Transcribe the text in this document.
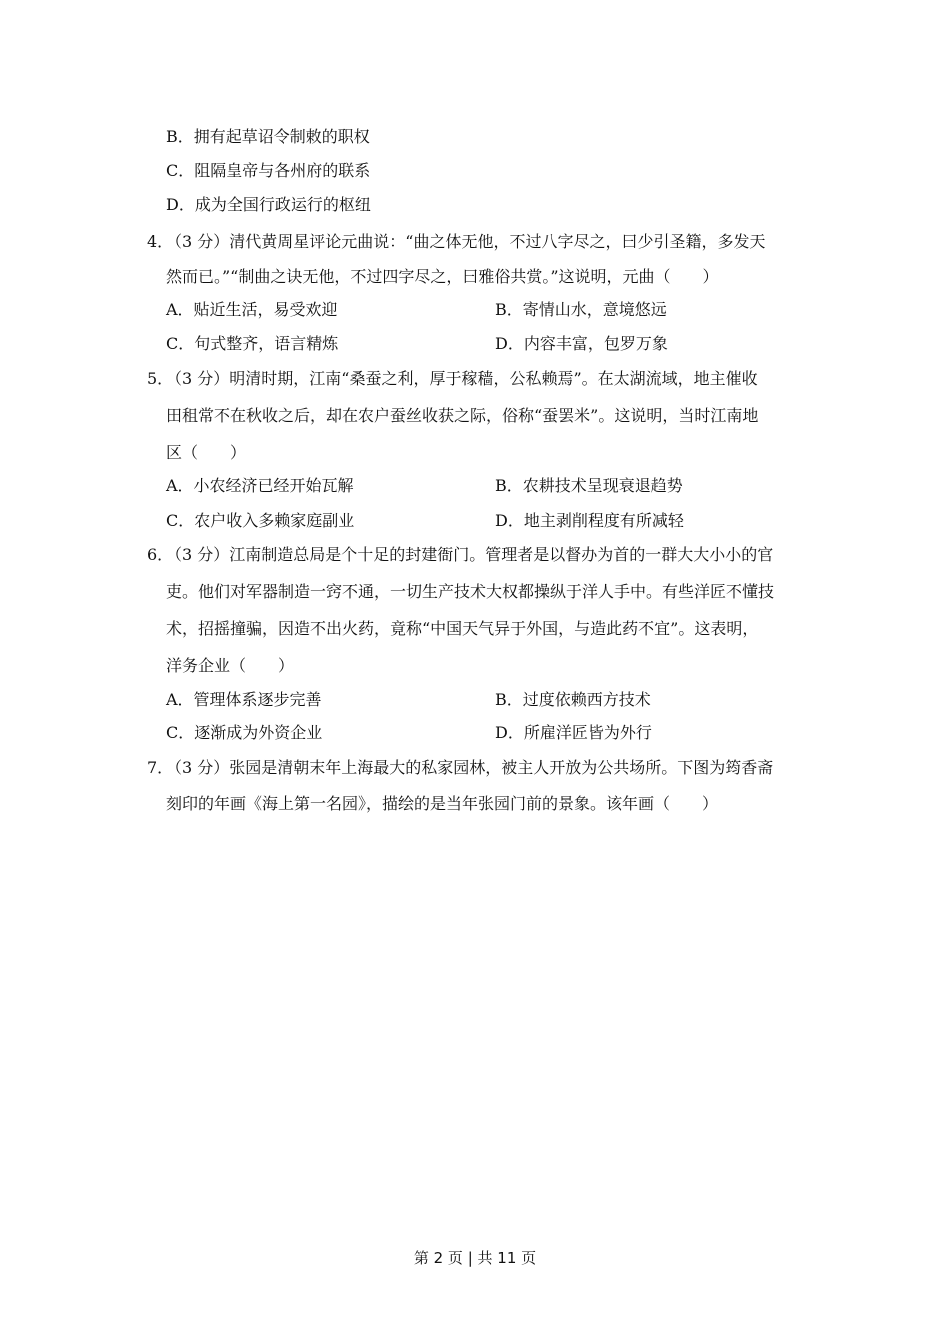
B．拥有起草诏令制敕的职权
C．阻隔皇帝与各州府的联系
D．成为全国行政运行的枢纽
4．
（3 分）清代黄周星评论元曲说：“曲之体无他，不过八字尽之，曰少引圣籍，多发天
然而已。”“制曲之诀无他，不过四字尽之，曰雅俗共赏。”这说明，元曲（　　）
A．贴近生活，易受欢迎	B．寄情山水，意境悠远
C．句式整齐，语言精炼	D．内容丰富，包罗万象
5．
（3 分）明清时期，江南“桑蚕之利，厚于稼穑，公私赖焉”。在太湖流域，地主催收
田租常不在秋收之后，却在农户蚕丝收获之际，俗称“蚕罢米”。这说明，当时江南地
区（　　）
A．小农经济已经开始瓦解	B．农耕技术呈现衰退趋势
C．农户收入多赖家庭副业	D．地主剥削程度有所减轻
6．
（3 分）江南制造总局是个十足的封建衙门。管理者是以督办为首的一群大大小小的官
吏。他们对军器制造一窍不通，一切生产技术大权都操纵于洋人手中。有些洋匠不懂技
术，招摇撞骗，因造不出火药，竟称“中国天气异于外国，与造此药不宜”。这表明，
洋务企业（　　）
A．管理体系逐步完善	B．过度依赖西方技术
C．逐渐成为外资企业	D．所雇洋匠皆为外行
7．
（3 分）张园是清朝末年上海最大的私家园林，被主人开放为公共场所。下图为筠香斋
刻印的年画《海上第一名园》，描绘的是当年张园门前的景象。该年画（　　）
第 2 页 | 共 11 页
